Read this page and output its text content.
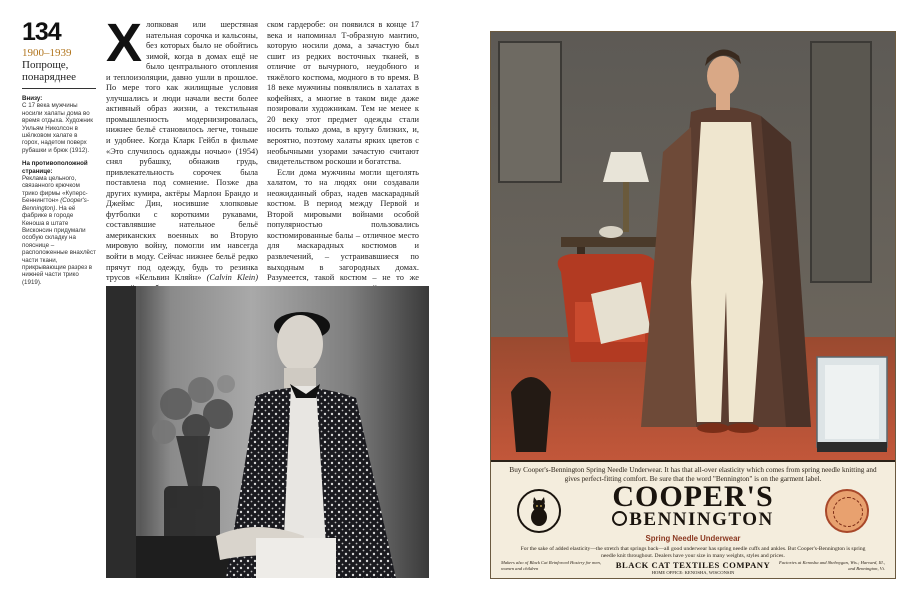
134
1900–1939
Попроще,
понаряднее
Внизу:
С 17 века мужчины носили халаты дома во время отдыха. Художник Уильям Николсон в шёлковом халате в горох, надетом поверх рубашки и брюк (1912).
На противоположной странице:
Реклама цельного, связанного крючком трико фирмы «Куперс-Беннингтон» (Cooper's-Bennington). На её фабрике в городе Кеноша в штате Висконсин придумали особую складку на пояснице – расположенные внахлёст части ткани, прикрывающие разрез в нижней части трико (1919).

Хлопковая или шерстяная нательная сорочка и кальсоны, без которых было не обойтись зимой, когда в домах ещё не было центрального отопления и теплоизоляции, давно ушли в прошлое. По мере того как жилищные условия улучшались и люди начали вести более активный образ жизни, а текстильная промышленность модернизировалась, нижнее бельё становилось легче, тоньше и удобнее. Когда Кларк Гейбл в фильме «Это случилось однажды ночью» (1954) снял рубашку, обнажив грудь, привлекательность сорочек была поставлена под сомнение. Позже два других кумира, актёры Марлон Брандо и Джеймс Дин, носившие хлопковые футболки с короткими рукавами, составлявшие нательное бельё американских военных во Вторую мировую войну, помогли им навсегда войти в моду. Сейчас нижнее бельё редко прячут под одежду, будь то резинка трусов «Кельвин Кляйн» (Calvin Klein)

ском гардеробе: он появился в конце 17 века и напоминал Т-образную мантию, которую носили дома, а зачастую был сшит из редких восточных тканей, в отличие от вычурного, неудобного и тяжёлого костюма, модного в то время. В 18 веке мужчины появлялись в халатах в кофейнях, а многие в таком виде даже позировали художникам. Тем не менее к 20 веку этот предмет одежды стали носить только дома, в кругу близких, и, вероятно, поэтому халаты ярких цветов с необычными узорами зачастую считают свидетельством роскоши и богатства.

Если дома мужчины могли щеголять халатом, то на людях они создавали неожиданный образ, надев маскарадный костюм. В период между Первой и Второй мировыми войнами особой популярностью пользовались костюмированные балы – отличное место для маскарадных костюмов и развлечений, – устраивавшиеся по выходным в загородных домах. Разумеется, такой костюм – не то же

Buy Cooper's-Bennington Spring Needle Underwear. It has that all-over elasticity which comes from spring needle knitting and gives perfect-fitting comfort. Be sure that the word "Bennington" is on the garment label.
COOPER'S
BENNINGTON
Spring Needle Underwear
For the sake of added elasticity—the stretch that springs back—all good underwear has spring needle cuffs and ankles. But Cooper's-Bennington is spring needle knit throughout. Dealers have your size in many weights, styles and prices.
Makers also of Black Cat Reinforced Hosiery for men, women and children	BLACK CAT TEXTILES COMPANY
HOME OFFICE: KENOSHA, WISCONSIN
Factories at Kenosha and Sheboygan, Wis.; Harvard, Ill., and Bennington, Vt.
